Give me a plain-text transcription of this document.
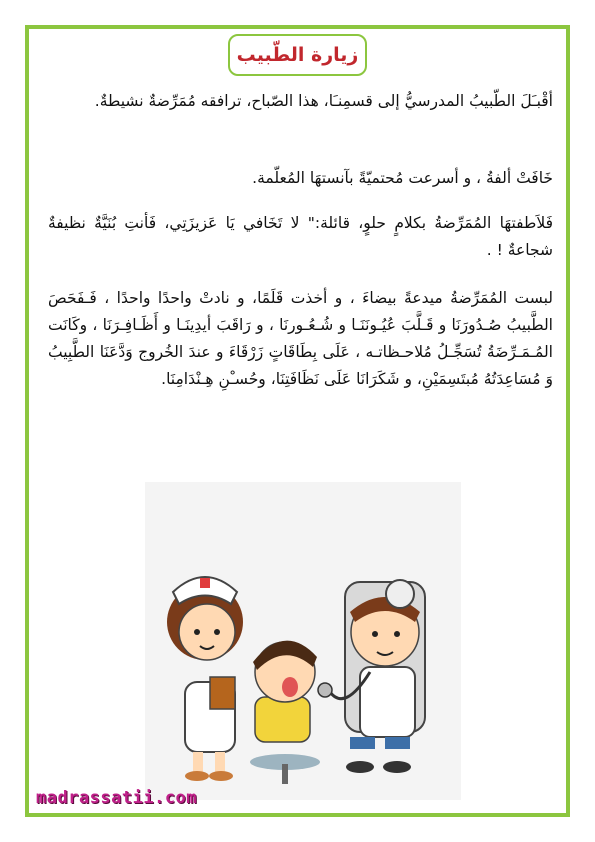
زيارة الطّبيب

أقْبـَلَ الطّبيبُ المدرسيُّ إلى قسمِنـَا، هذا الصّباح، ترافقه مُمَرِّضةٌ نشيطةٌ.

خَافَتْ ألفةُ ، و أسرعت مُحتميّةً بآنستهَا المُعلّمة.

فَلاَطفتهَا المُمَرِّضةُ بكلامٍ حلوٍ، قائلة:" لا تَخَافي يَا عَزيزَتِي، فَأنتِ بُنَيَّةٌ نظيفةٌ شجاعةٌ ! .

لبست المُمَرِّضةُ ميدعةً بيضاءَ ، و أخذت قَلَمًا، و نادتْ واحدًا واحدًا ، فَـفَحَصَ الطَّبيبُ صُـدُورَنَا و قَـلَّبَ عُيُـونَنَـا و شُـعُـورنَا ، و رَاقَبَ أيدِينَـا و أَظَـافِـرَنَا ، وكَانَت المُـمَـرِّضَةُ تُسَجِّـلُ مُلاحـظاتـه ، عَلَى بِطَاقَاتٍ زَرْقَاءَ و عندَ الخُروج وَدَّعَنَا الطَّبِيبُ وَ مُسَاعِدَتُهُ مُبتَسِمَيْنِ، و شَكَرَانَا عَلَى نَظَافَتِنَا، وحُسـْنِ هِـنْدَامِنَا.

madrassatii.com
